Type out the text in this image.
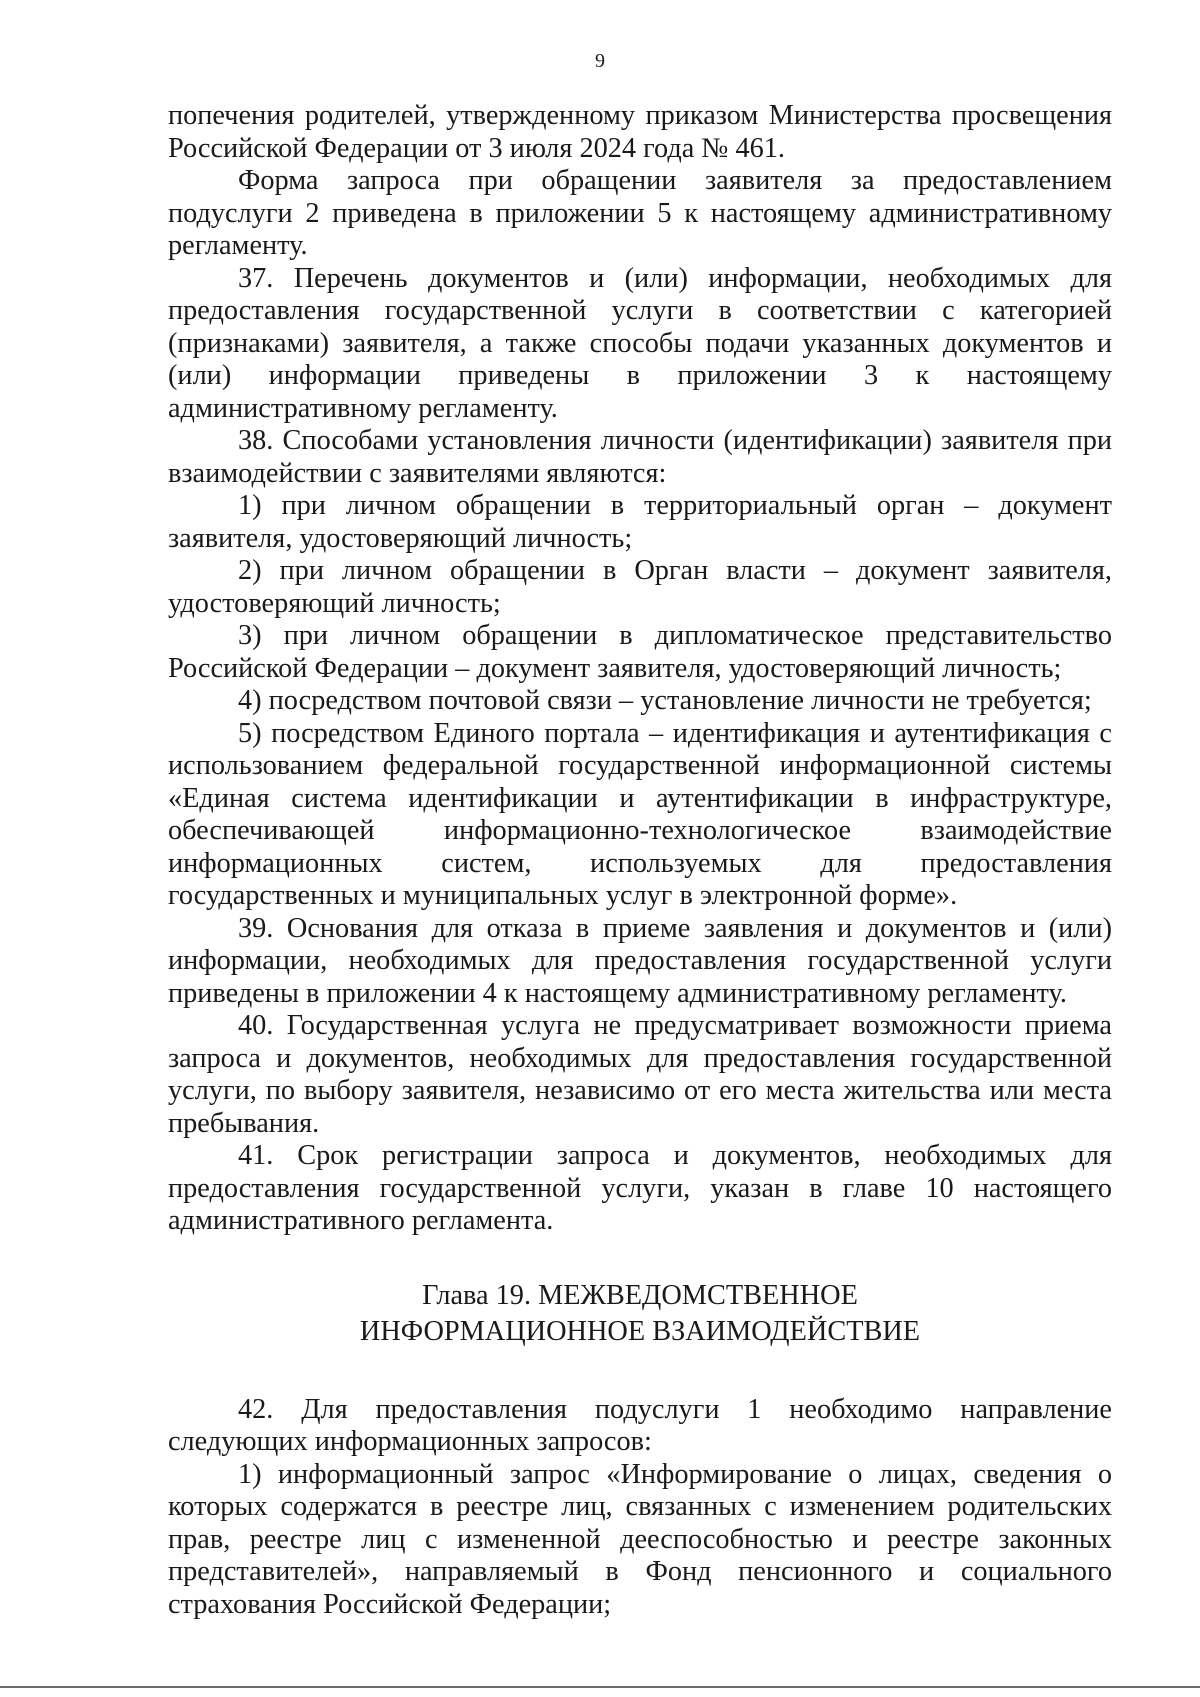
9

попечения родителей, утвержденному приказом Министерства просвещения Российской Федерации от 3 июля 2024 года № 461.

Форма запроса при обращении заявителя за предоставлением подуслуги 2 приведена в приложении 5 к настоящему административному регламенту.

37. Перечень документов и (или) информации, необходимых для предоставления государственной услуги в соответствии с категорией (признаками) заявителя, а также способы подачи указанных документов и (или) информации приведены в приложении 3 к настоящему административному регламенту.

38. Способами установления личности (идентификации) заявителя при взаимодействии с заявителями являются:

1) при личном обращении в территориальный орган – документ заявителя, удостоверяющий личность;

2) при личном обращении в Орган власти – документ заявителя, удостоверяющий личность;

3) при личном обращении в дипломатическое представительство Российской Федерации – документ заявителя, удостоверяющий личность;

4) посредством почтовой связи – установление личности не требуется;

5) посредством Единого портала – идентификация и аутентификация с использованием федеральной государственной информационной системы «Единая система идентификации и аутентификации в инфраструктуре, обеспечивающей информационно-технологическое взаимодействие информационных систем, используемых для предоставления государственных и муниципальных услуг в электронной форме».

39. Основания для отказа в приеме заявления и документов и (или) информации, необходимых для предоставления государственной услуги приведены в приложении 4 к настоящему административному регламенту.

40. Государственная услуга не предусматривает возможности приема запроса и документов, необходимых для предоставления государственной услуги, по выбору заявителя, независимо от его места жительства или места пребывания.

41. Срок регистрации запроса и документов, необходимых для предоставления государственной услуги, указан в главе 10 настоящего административного регламента.

Глава 19. МЕЖВЕДОМСТВЕННОЕ
ИНФОРМАЦИОННОЕ ВЗАИМОДЕЙСТВИЕ

42. Для предоставления подуслуги 1 необходимо направление следующих информационных запросов:

1) информационный запрос «Информирование о лицах, сведения о которых содержатся в реестре лиц, связанных с изменением родительских прав, реестре лиц с измененной дееспособностью и реестре законных представителей», направляемый в Фонд пенсионного и социального страхования Российской Федерации;
